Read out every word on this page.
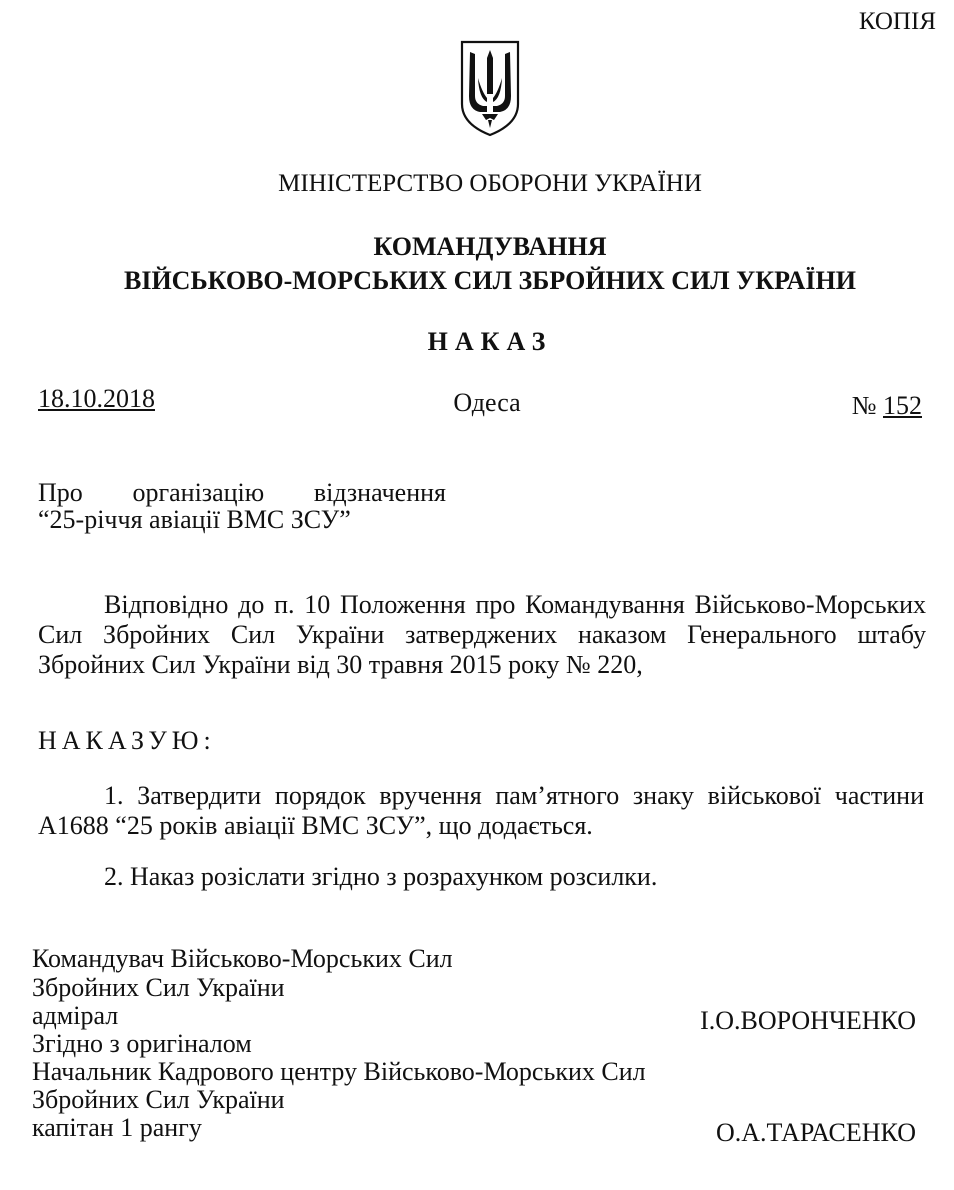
КОПІЯ
МІНІСТЕРСТВО ОБОРОНИ УКРАЇНИ
КОМАНДУВАННЯ
ВІЙСЬКОВО-МОРСЬКИХ СИЛ ЗБРОЙНИХ СИЛ УКРАЇНИ
НАКАЗ
18.10.2018	Одеса	№ 152
Про організацію відзначення
“25-річчя авіації ВМС ЗСУ”
Відповідно до п. 10 Положення про Командування Військово-Морських Сил Збройних Сил України затверджених наказом Генерального штабу Збройних Сил України від 30 травня 2015 року № 220,
НАКАЗУЮ:
1. Затвердити порядок вручення пам’ятного знаку військової частини А1688 “25 років авіації ВМС ЗСУ”, що додається.
2. Наказ розіслати згідно з розрахунком розсилки.
Командувач Військово-Морських Сил
Збройних Сил України
адмірал	І.О.ВОРОНЧЕНКО
Згідно з оригіналом
Начальник Кадрового центру Військово-Морських Сил
Збройних Сил України
капітан 1 рангу	О.А.ТАРАСЕНКО
